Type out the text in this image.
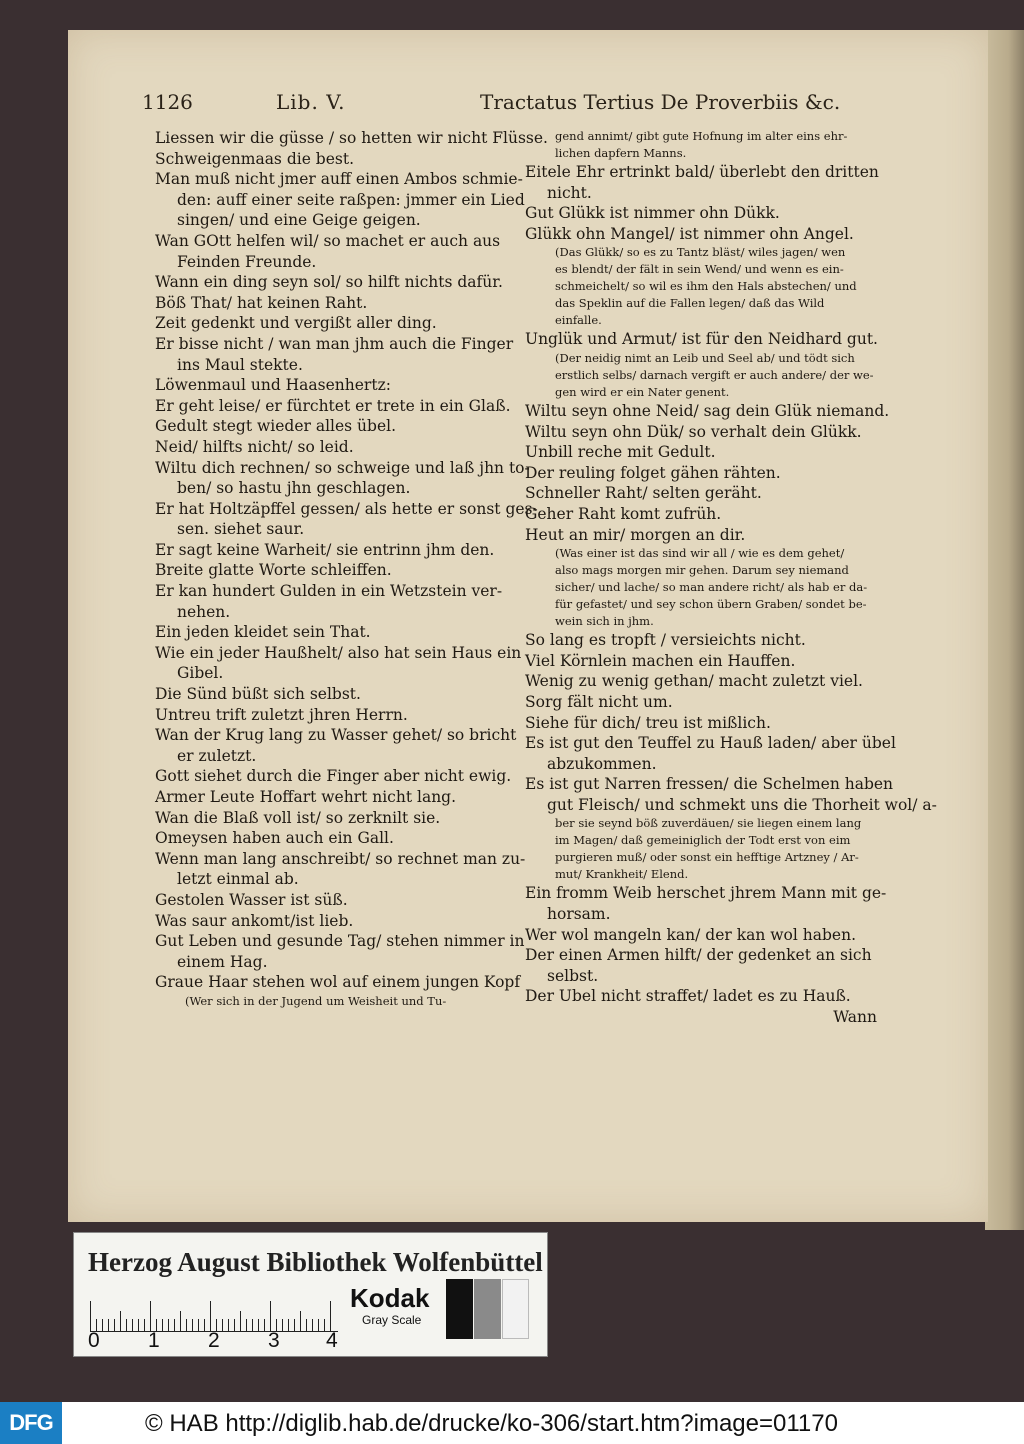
1126	Lib. V.	Tractatus Tertius De Proverbiis &c.
Liessen wir die güsse / so hetten wir nicht Flüsse.
Schweigenmaas die best.
Man muß nicht jmer auff einen Ambos schmie-
den: auff einer seite raßpen: jmmer ein Lied
singen/ und eine Geige geigen.
Wan GOtt helfen wil/ so machet er auch aus
Feinden Freunde.
Wann ein ding seyn sol/ so hilft nichts dafür.
Böß That/ hat keinen Raht.
Zeit gedenkt und vergißt aller ding.
Er bisse nicht / wan man jhm auch die Finger
ins Maul stekte.
Löwenmaul und Haasenhertz:
Er geht leise/ er fürchtet er trete in ein Glaß.
Gedult stegt wieder alles übel.
Neid/ hilfts nicht/ so leid.
Wiltu dich rechnen/ so schweige und laß jhn to-
ben/ so hastu jhn geschlagen.
Er hat Holtzäpffel gessen/ als hette er sonst ges-
sen. siehet saur.
Er sagt keine Warheit/ sie entrinn jhm den.
Breite glatte Worte schleiffen.
Er kan hundert Gulden in ein Wetzstein ver-
nehen.
Ein jeden kleidet sein That.
Wie ein jeder Haußhelt/ also hat sein Haus ein
Gibel.
Die Sünd büßt sich selbst.
Untreu trift zuletzt jhren Herrn.
Wan der Krug lang zu Wasser gehet/ so bricht
er zuletzt.
Gott siehet durch die Finger aber nicht ewig.
Armer Leute Hoffart wehrt nicht lang.
Wan die Blaß voll ist/ so zerknilt sie.
Omeysen haben auch ein Gall.
Wenn man lang anschreibt/ so rechnet man zu-
letzt einmal ab.
Gestolen Wasser ist süß.
Was saur ankomt/ist lieb.
Gut Leben und gesunde Tag/ stehen nimmer in
einem Hag.
Graue Haar stehen wol auf einem jungen Kopf
(Wer sich in der Jugend um Weisheit und Tu-
gend annimt/ gibt gute Hofnung im alter eins ehr-
lichen dapfern Manns.
Eitele Ehr ertrinkt bald/ überlebt den dritten
nicht.
Gut Glükk ist nimmer ohn Dükk.
Glükk ohn Mangel/ ist nimmer ohn Angel.
(Das Glükk/ so es zu Tantz bläst/ wiles jagen/ wen
es blendt/ der fält in sein Wend/ und wenn es ein-
schmeichelt/ so wil es ihm den Hals abstechen/ und
das Speklin auf die Fallen legen/ daß das Wild
einfalle.
Unglük und Armut/ ist für den Neidhard gut.
(Der neidig nimt an Leib und Seel ab/ und tödt sich
erstlich selbs/ darnach vergift er auch andere/ der we-
gen wird er ein Nater genent.
Wiltu seyn ohne Neid/ sag dein Glük niemand.
Wiltu seyn ohn Dük/ so verhalt dein Glükk.
Unbill reche mit Gedult.
Der reuling folget gähen rähten.
Schneller Raht/ selten geräht.
Geher Raht komt zufrüh.
Heut an mir/ morgen an dir.
(Was einer ist das sind wir all / wie es dem gehet/
also mags morgen mir gehen. Darum sey niemand
sicher/ und lache/ so man andere richt/ als hab er da-
für gefastet/ und sey schon übern Graben/ sondet be-
wein sich in jhm.
So lang es tropft / versieichts nicht.
Viel Körnlein machen ein Hauffen.
Wenig zu wenig gethan/ macht zuletzt viel.
Sorg fält nicht um.
Siehe für dich/ treu ist mißlich.
Es ist gut den Teuffel zu Hauß laden/ aber übel
abzukommen.
Es ist gut Narren fressen/ die Schelmen haben
gut Fleisch/ und schmekt uns die Thorheit wol/ a-
ber sie seynd böß zuverdäuen/ sie liegen einem lang
im Magen/ daß gemeiniglich der Todt erst von eim
purgieren muß/ oder sonst ein hefftige Artzney / Ar-
mut/ Krankheit/ Elend.
Ein fromm Weib herschet jhrem Mann mit ge-
horsam.
Wer wol mangeln kan/ der kan wol haben.
Der einen Armen hilft/ der gedenket an sich
selbst.
Der Ubel nicht straffet/ ladet es zu Hauß.
Wann
Herzog August Bibliothek Wolfenbüttel
0 1 2 3 4
Kodak
Gray Scale
DFG	© HAB http://diglib.hab.de/drucke/ko-306/start.htm?image=01170
